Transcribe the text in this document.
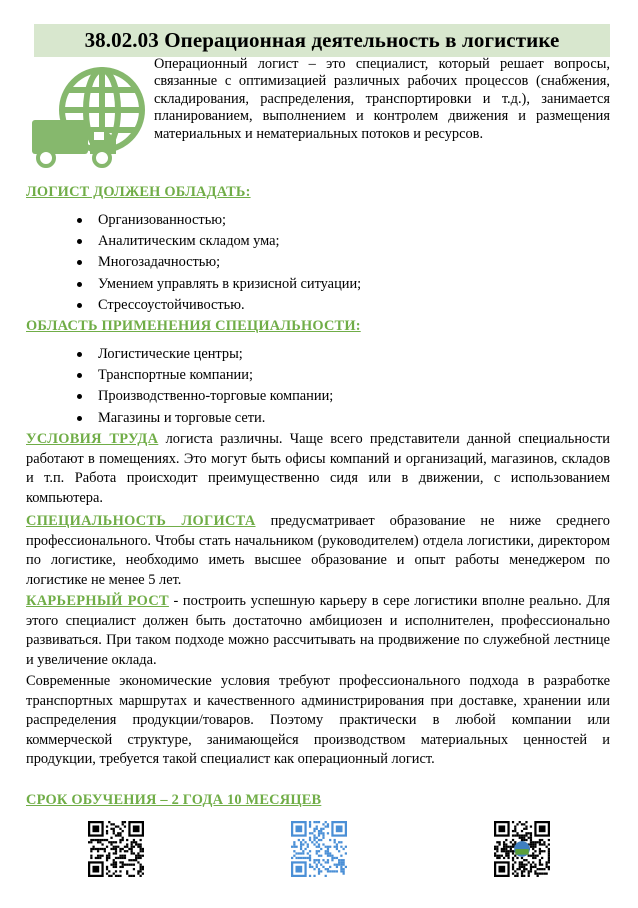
38.02.03 Операционная деятельность в логистике

Операционный логист – это специалист, который решает вопросы, связанные с оптимизацией различных рабочих процессов (снабжения, складирования, распределения, транспортировки и т.д.), занимается планированием, выполнением и контролем движения и размещения материальных и нематериальных потоков и ресурсов.

ЛОГИСТ ДОЛЖЕН ОБЛАДАТЬ:
Организованностью;
Аналитическим складом ума;
Многозадачностью;
Умением управлять в кризисной ситуации;
Стрессоустойчивостью.
ОБЛАСТЬ ПРИМЕНЕНИЯ СПЕЦИАЛЬНОСТИ:
Логистические центры;
Транспортные компании;
Производственно-торговые компании;
Магазины и торговые сети.

УСЛОВИЯ ТРУДА логиста различны. Чаще всего представители данной специальности работают в помещениях. Это могут быть офисы компаний и организаций, магазинов, складов и т.п. Работа происходит преимущественно сидя или в движении, с использованием компьютера.

СПЕЦИАЛЬНОСТЬ ЛОГИСТА предусматривает образование не ниже среднего профессионального. Чтобы стать начальником (руководителем) отдела логистики, директором по логистике, необходимо иметь высшее образование и опыт работы менеджером по логистике не менее 5 лет.

КАРЬЕРНЫЙ РОСТ - построить успешную карьеру в сере логистики вполне реально. Для этого специалист должен быть достаточно амбициозен и исполнителен, профессионально развиваться. При таком подходе можно рассчитывать на продвижение по служебной лестнице и увеличение оклада.

Современные экономические условия требуют профессионального подхода в разработке транспортных маршрутах и качественного администрирования при доставке, хранении или распределения продукции/товаров. Поэтому практически в любой компании или коммерческой структуре, занимающейся производством материальных ценностей и продукции, требуется такой специалист как операционный логист.

СРОК ОБУЧЕНИЯ – 2 ГОДА 10 МЕСЯЦЕВ
